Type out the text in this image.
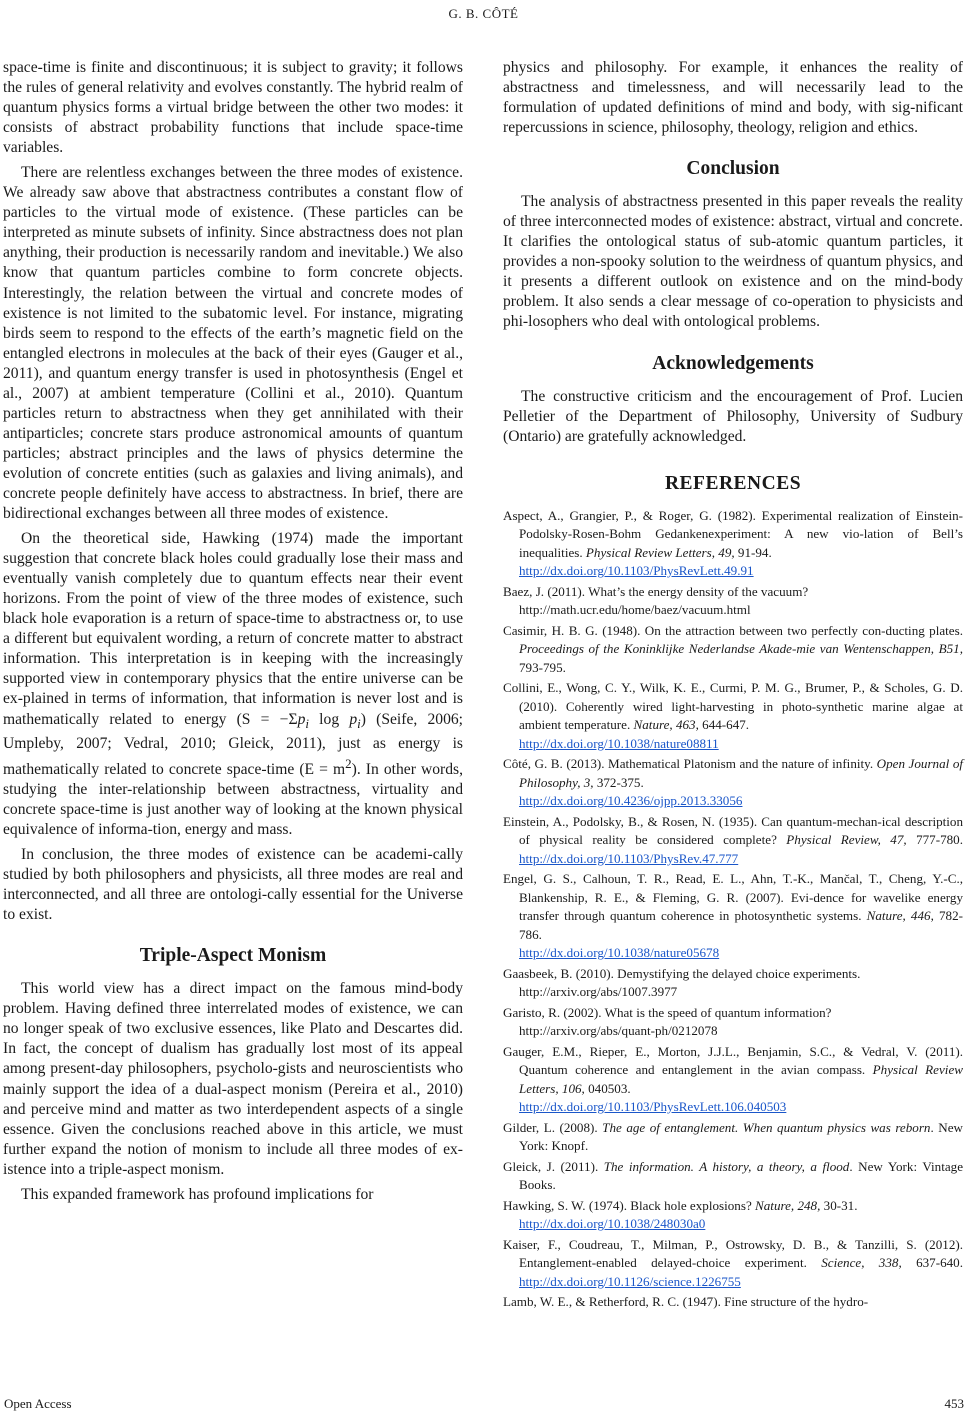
G. B. CÔTÉ

space-time is finite and discontinuous; it is subject to gravity; it follows the rules of general relativity and evolves constantly. The hybrid realm of quantum physics forms a virtual bridge between the other two modes: it consists of abstract probability functions that include space-time variables.

There are relentless exchanges between the three modes of existence. We already saw above that abstractness contributes a constant flow of particles to the virtual mode of existence. (These particles can be interpreted as minute subsets of infinity. Since abstractness does not plan anything, their production is necessarily random and inevitable.) We also know that quantum particles combine to form concrete objects. Interestingly, the relation between the virtual and concrete modes of existence is not limited to the subatomic level. For instance, migrating birds seem to respond to the effects of the earth’s magnetic field on the entangled electrons in molecules at the back of their eyes (Gauger et al., 2011), and quantum energy transfer is used in photosynthesis (Engel et al., 2007) at ambient temperature (Collini et al., 2010). Quantum particles return to abstractness when they get annihilated with their antiparticles; concrete stars produce astronomical amounts of quantum particles; abstract principles and the laws of physics determine the evolution of concrete entities (such as galaxies and living animals), and concrete people definitely have access to abstractness. In brief, there are bidirectional exchanges between all three modes of existence.

On the theoretical side, Hawking (1974) made the important suggestion that concrete black holes could gradually lose their mass and eventually vanish completely due to quantum effects near their event horizons. From the point of view of the three modes of existence, such black hole evaporation is a return of space-time to abstractness or, to use a different but equivalent wording, a return of concrete matter to abstract information. This interpretation is in keeping with the increasingly supported view in contemporary physics that the entire universe can be ex-plained in terms of information, that information is never lost and is mathematically related to energy ($S = -\Sigma p_i$ $\log p_i$) (Seife, 2006; Umpleby, 2007; Vedral, 2010; Gleick, 2011), just as energy is mathematically related to concrete space-time $(E = m^2)$. In other words, studying the inter-relationship between abstractness, virtuality and concrete space-time is just another way of looking at the known physical equivalence of informa-tion, energy and mass.

In conclusion, the three modes of existence can be academi-cally studied by both philosophers and physicists, all three modes are real and interconnected, and all three are ontologi-cally essential for the Universe to exist.

Triple-Aspect Monism

This world view has a direct impact on the famous mind-body problem. Having defined three interrelated modes of existence, we can no longer speak of two exclusive essences, like Plato and Descartes did. In fact, the concept of dualism has gradually lost most of its appeal among present-day philosophers, psycholo-gists and neuroscientists who mainly support the idea of a dual-aspect monism (Pereira et al., 2010) and perceive mind and matter as two interdependent aspects of a single essence. Given the conclusions reached above in this article, we must further expand the notion of monism to include all three modes of ex-istence into a triple-aspect monism.

This expanded framework has profound implications for

physics and philosophy. For example, it enhances the reality of abstractness and timelessness, and will necessarily lead to the formulation of updated definitions of mind and body, with sig-nificant repercussions in science, philosophy, theology, religion and ethics.

Conclusion

The analysis of abstractness presented in this paper reveals the reality of three interconnected modes of existence: abstract, virtual and concrete. It clarifies the ontological status of sub-atomic quantum particles, it provides a non-spooky solution to the weirdness of quantum physics, and it presents a different outlook on existence and on the mind-body problem. It also sends a clear message of co-operation to physicists and phi-losophers who deal with ontological problems.

Acknowledgements

The constructive criticism and the encouragement of Prof. Lucien Pelletier of the Department of Philosophy, University of Sudbury (Ontario) are gratefully acknowledged.

REFERENCES
Aspect, A., Grangier, P., & Roger, G. (1982). Experimental realization of Einstein-Podolsky-Rosen-Bohm Gedankenexperiment: A new vio-lation of Bell’s inequalities. Physical Review Letters, 49, 91-94.
http://dx.doi.org/10.1103/PhysRevLett.49.91
Baez, J. (2011). What’s the energy density of the vacuum?
http://math.ucr.edu/home/baez/vacuum.html
Casimir, H. B. G. (1948). On the attraction between two perfectly con-ducting plates. Proceedings of the Koninklijke Nederlandse Akade-mie van Wentenschappen, B51, 793-795.
Collini, E., Wong, C. Y., Wilk, K. E., Curmi, P. M. G., Brumer, P., & Scholes, G. D. (2010). Coherently wired light-harvesting in photo-synthetic marine algae at ambient temperature. Nature, 463, 644-647.
http://dx.doi.org/10.1038/nature08811
Côté, G. B. (2013). Mathematical Platonism and the nature of infinity. Open Journal of Philosophy, 3, 372-375.
http://dx.doi.org/10.4236/ojpp.2013.33056
Einstein, A., Podolsky, B., & Rosen, N. (1935). Can quantum-mechan-ical description of physical reality be considered complete? Physical Review, 47, 777-780. http://dx.doi.org/10.1103/PhysRev.47.777
Engel, G. S., Calhoun, T. R., Read, E. L., Ahn, T.-K., Mančal, T., Cheng, Y.-C., Blankenship, R. E., & Fleming, G. R. (2007). Evi-dence for wavelike energy transfer through quantum coherence in photosynthetic systems. Nature, 446, 782-786.
http://dx.doi.org/10.1038/nature05678
Gaasbeek, B. (2010). Demystifying the delayed choice experiments.
http://arxiv.org/abs/1007.3977
Garisto, R. (2002). What is the speed of quantum information?
http://arxiv.org/abs/quant-ph/0212078
Gauger, E.M., Rieper, E., Morton, J.J.L., Benjamin, S.C., & Vedral, V. (2011). Quantum coherence and entanglement in the avian compass. Physical Review Letters, 106, 040503.
http://dx.doi.org/10.1103/PhysRevLett.106.040503
Gilder, L. (2008). The age of entanglement. When quantum physics was reborn. New York: Knopf.
Gleick, J. (2011). The information. A history, a theory, a flood. New York: Vintage Books.
Hawking, S. W. (1974). Black hole explosions? Nature, 248, 30-31.
http://dx.doi.org/10.1038/248030a0
Kaiser, F., Coudreau, T., Milman, P., Ostrowsky, D. B., & Tanzilli, S. (2012). Entanglement-enabled delayed-choice experiment. Science, 338, 637-640. http://dx.doi.org/10.1126/science.1226755
Lamb, W. E., & Retherford, R. C. (1947). Fine structure of the hydro-
Open Access	453
